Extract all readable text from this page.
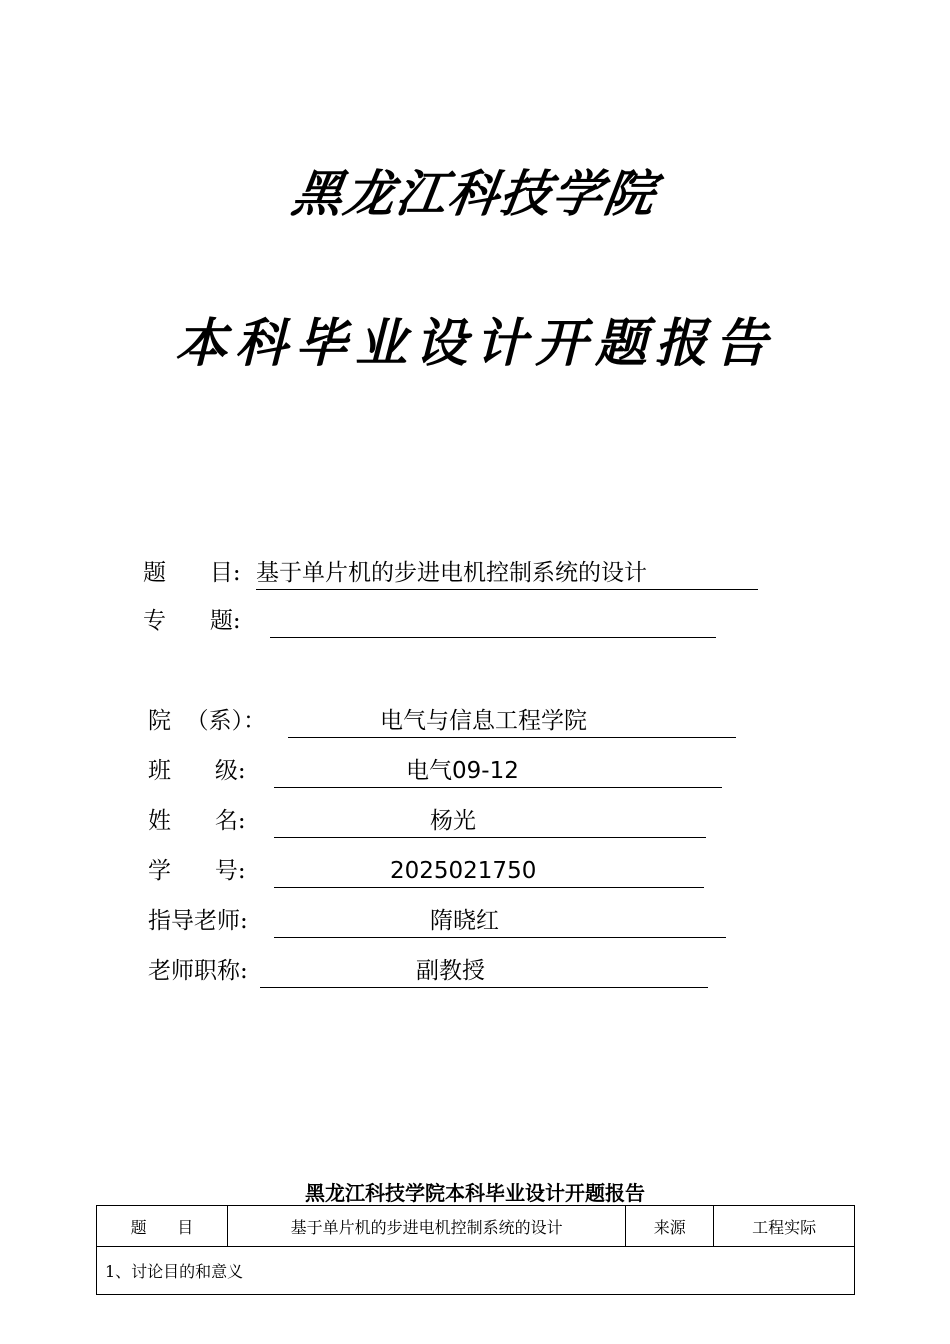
黑龙江科技学院
本科毕业设计开题报告
题      目: 基于单片机的步进电机控制系统的设计
专      题:
院  （系）：	电气与信息工程学院
班      级:	电气09-12
姓      名:	杨光
学      号:	2025021750
指导老师:	隋晓红
老师职称:	副教授
黑龙江科技学院本科毕业设计开题报告
题      目	基于单片机的步进电机控制系统的设计	来源	工程实际
1、讨论目的和意义
